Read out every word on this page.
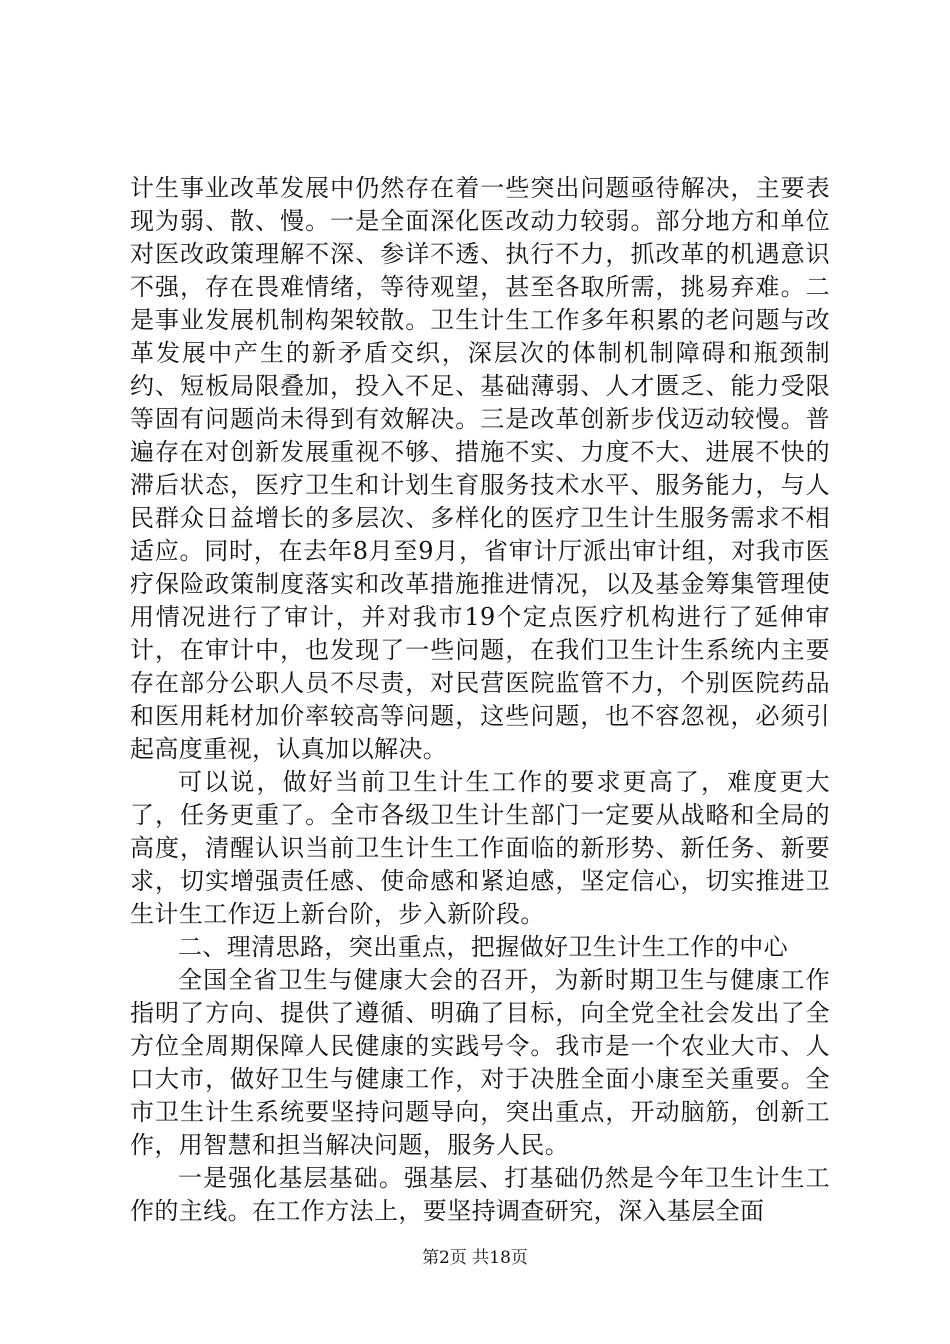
计生事业改革发展中仍然存在着一些突出问题亟待解决，主要表现为弱、散、慢。一是全面深化医改动力较弱。部分地方和单位对医改政策理解不深、参详不透、执行不力，抓改革的机遇意识不强，存在畏难情绪，等待观望，甚至各取所需，挑易弃难。二是事业发展机制构架较散。卫生计生工作多年积累的老问题与改革发展中产生的新矛盾交织，深层次的体制机制障碍和瓶颈制约、短板局限叠加，投入不足、基础薄弱、人才匮乏、能力受限等固有问题尚未得到有效解决。三是改革创新步伐迈动较慢。普遍存在对创新发展重视不够、措施不实、力度不大、进展不快的滞后状态，医疗卫生和计划生育服务技术水平、服务能力，与人民群众日益增长的多层次、多样化的医疗卫生计生服务需求不相适应。同时，在去年8月至9月，省审计厅派出审计组，对我市医疗保险政策制度落实和改革措施推进情况，以及基金筹集管理使用情况进行了审计，并对我市19个定点医疗机构进行了延伸审计，在审计中，也发现了一些问题，在我们卫生计生系统内主要存在部分公职人员不尽责，对民营医院监管不力，个别医院药品和医用耗材加价率较高等问题，这些问题，也不容忽视，必须引起高度重视，认真加以解决。

可以说，做好当前卫生计生工作的要求更高了，难度更大了，任务更重了。全市各级卫生计生部门一定要从战略和全局的高度，清醒认识当前卫生计生工作面临的新形势、新任务、新要求，切实增强责任感、使命感和紧迫感，坚定信心，切实推进卫生计生工作迈上新台阶，步入新阶段。

二、理清思路，突出重点，把握做好卫生计生工作的中心

全国全省卫生与健康大会的召开，为新时期卫生与健康工作指明了方向、提供了遵循、明确了目标，向全党全社会发出了全方位全周期保障人民健康的实践号令。我市是一个农业大市、人口大市，做好卫生与健康工作，对于决胜全面小康至关重要。全市卫生计生系统要坚持问题导向，突出重点，开动脑筋，创新工作，用智慧和担当解决问题，服务人民。

一是强化基层基础。强基层、打基础仍然是今年卫生计生工作的主线。在工作方法上，要坚持调查研究，深入基层全面

第2页 共18页
